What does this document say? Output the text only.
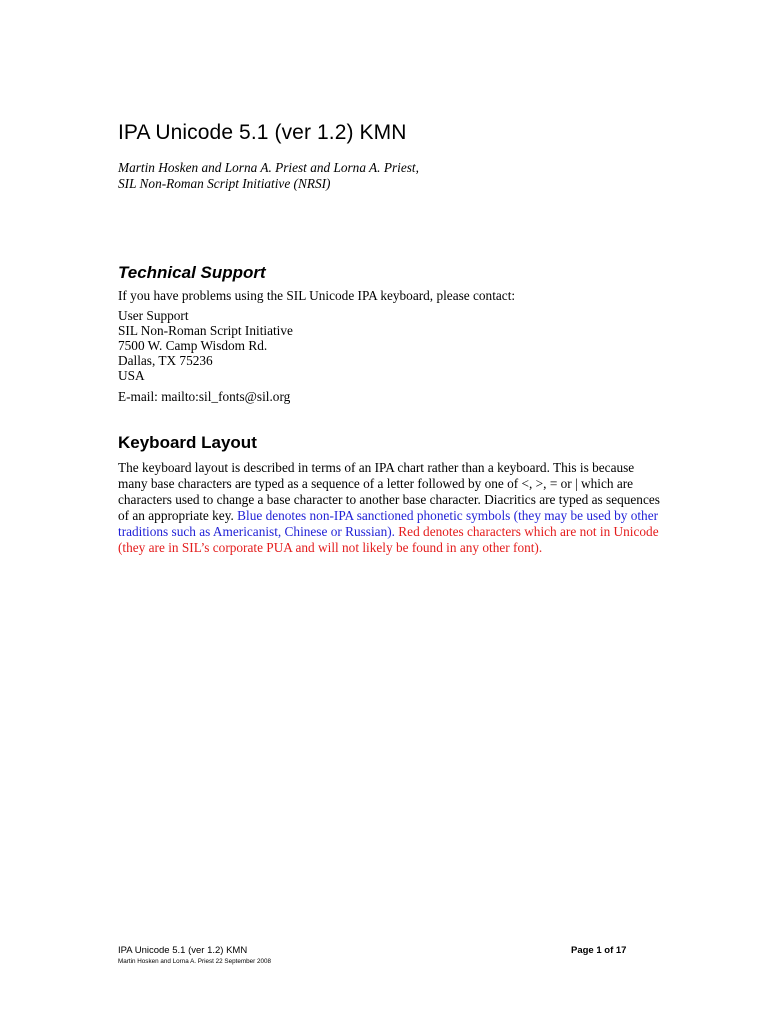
IPA Unicode 5.1 (ver 1.2) KMN

Martin Hosken and Lorna A. Priest and Lorna A. Priest,
SIL Non-Roman Script Initiative (NRSI)

Technical Support

If you have problems using the SIL Unicode IPA keyboard, please contact:

User Support
SIL Non-Roman Script Initiative
7500 W. Camp Wisdom Rd.
Dallas, TX 75236
USA

E-mail: mailto:sil_fonts@sil.org

Keyboard Layout

The keyboard layout is described in terms of an IPA chart rather than a keyboard. This is because
many base characters are typed as a sequence of a letter followed by one of <, >, = or | which are
characters used to change a base character to another base character. Diacritics are typed as sequences
of an appropriate key. Blue denotes non-IPA sanctioned phonetic symbols (they may be used by other
traditions such as Americanist, Chinese or Russian). Red denotes characters which are not in Unicode
(they are in SIL’s corporate PUA and will not likely be found in any other font).

IPA Unicode 5.1 (ver 1.2) KMN	Page 1 of 17
Martin Hosken and Lorna A. Priest 22 September 2008
